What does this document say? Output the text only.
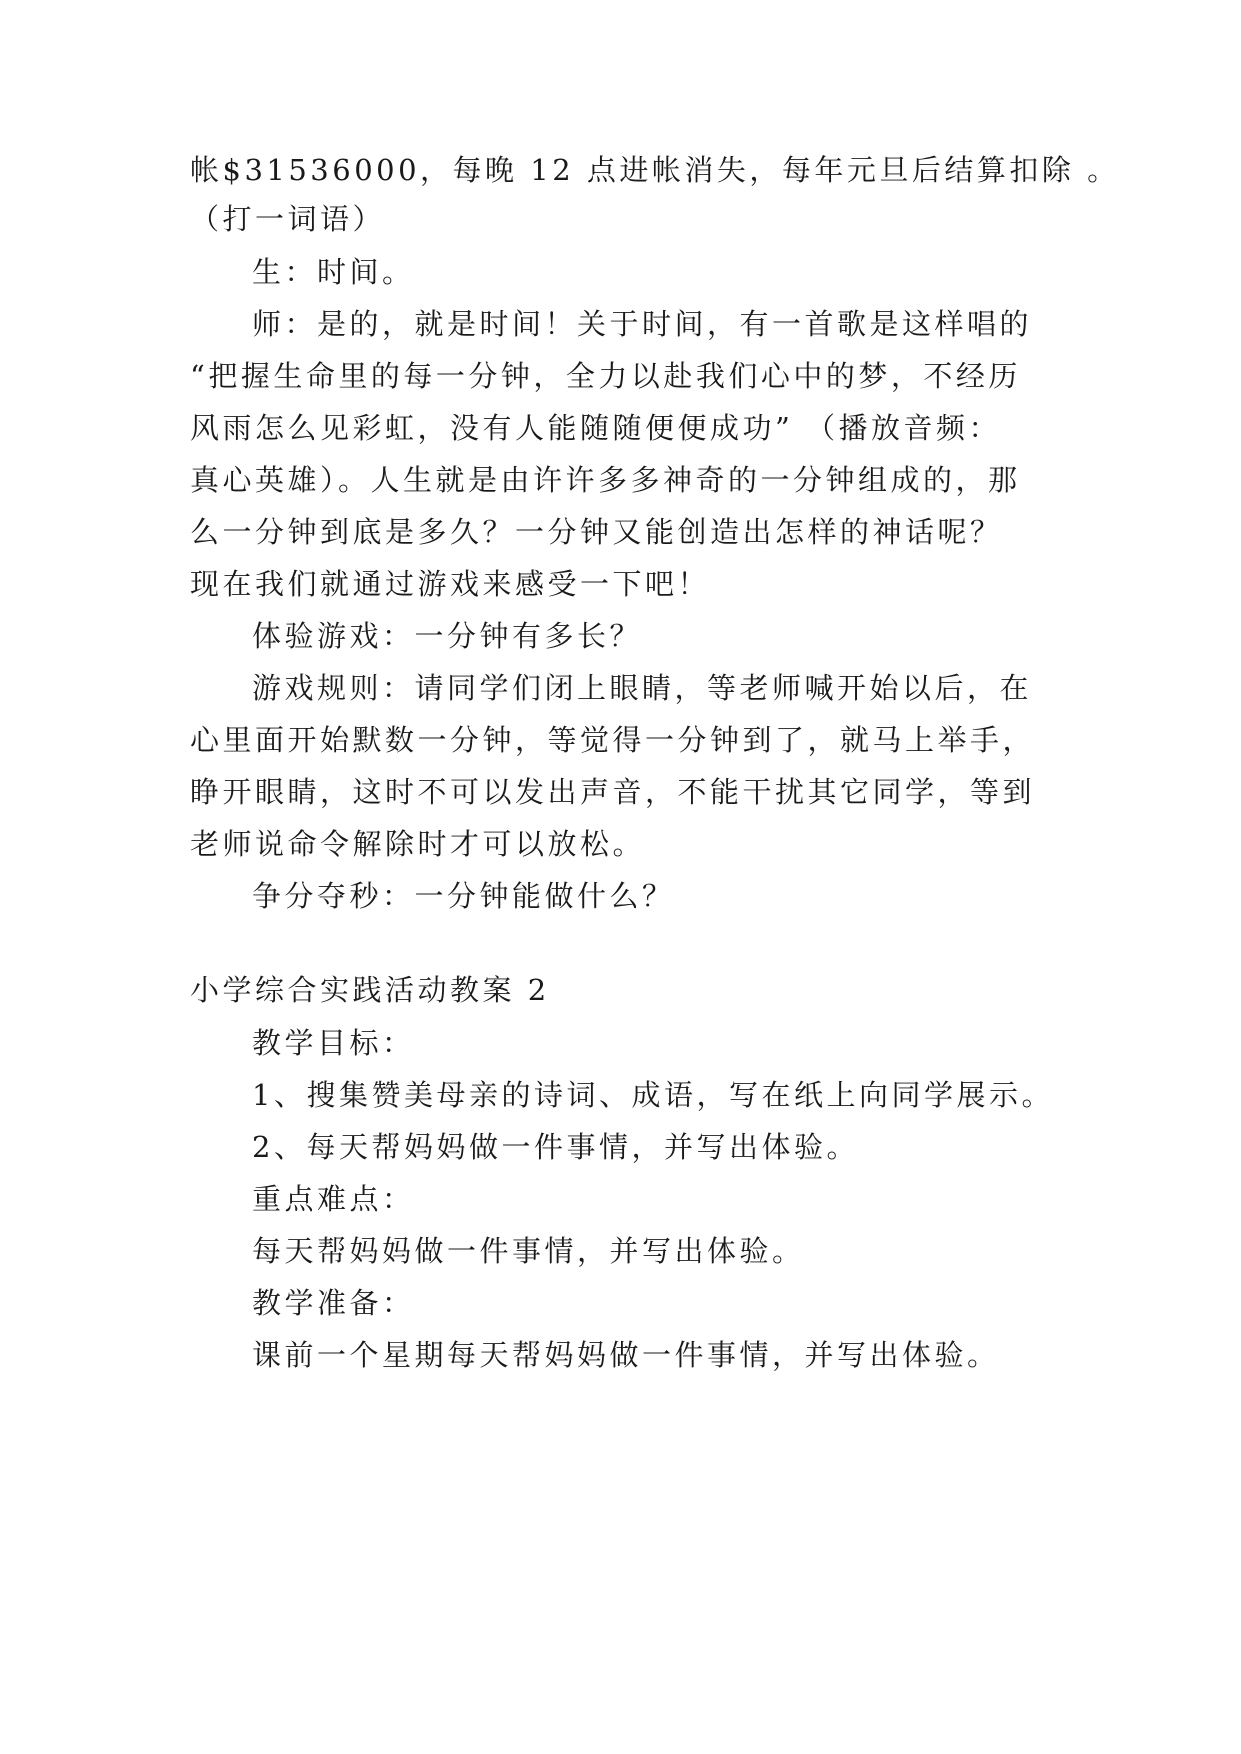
帐$31536000，每晚 12 点进帐消失，每年元旦后结算扣除 。
（打一词语）
生：时间。
师：是的，就是时间！关于时间，有一首歌是这样唱的
“把握生命里的每一分钟，全力以赴我们心中的梦，不经历
风雨怎么见彩虹，没有人能随随便便成功” （播放音频：
真心英雄）。人生就是由许许多多神奇的一分钟组成的，那
么一分钟到底是多久？一分钟又能创造出怎样的神话呢？
现在我们就通过游戏来感受一下吧！
体验游戏：一分钟有多长？
游戏规则：请同学们闭上眼睛，等老师喊开始以后，在
心里面开始默数一分钟，等觉得一分钟到了，就马上举手，
睁开眼睛，这时不可以发出声音，不能干扰其它同学，等到
老师说命令解除时才可以放松。
争分夺秒：一分钟能做什么？
小学综合实践活动教案 2
教学目标：
1、搜集赞美母亲的诗词、成语，写在纸上向同学展示。
2、每天帮妈妈做一件事情，并写出体验。
重点难点：
每天帮妈妈做一件事情，并写出体验。
教学准备：
课前一个星期每天帮妈妈做一件事情，并写出体验。
